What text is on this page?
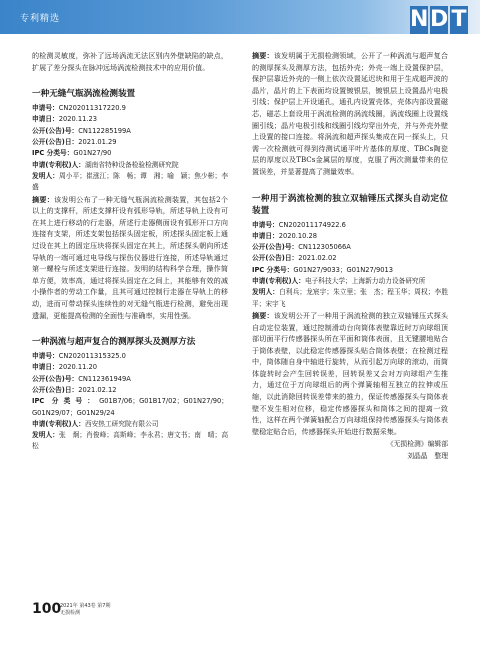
专利精选	N D T

的检测灵敏度，弥补了远场涡流无法区别内外壁缺陷的缺点，扩展了差分探头在脉冲远场涡流检测技术中的应用价值。

一种无缝气瓶涡流检测装置
申请号：CN202011317220.9
申请日：2020.11.23
公开(公告)号：CN112285199A
公开(公告)日：2021.01.29
IPC 分类号：G01N27/90
申请(专利权)人：湖南省特种设备检验检测研究院
发明人：周小平；崔涨江；陈　畅；谭　湘；喻　颖；焦少彬；李　盛

摘要：该发明公布了一种无缝气瓶涡流检测装置，其包括2个以上的支撑杆，所述支撑杆设有弧形导轨，所述导轨上设有可在其上进行移动的行走器，所述行走器侧面设有弧形开口方向连接有支架，所述支架包括探头固定板，所述探头固定板上通过设在其上的固定压块将探头固定在其上，所述探头朝向所述导轨的一端可通过电导线与探伤仪器进行连接，所述导轨通过第一螺栓与所述支架进行连接。发明的结构科学合理，操作简单方便，效率高，通过将探头固定在之间上，其能够有效的减小操作者的劳动工作量，且其可通过控制行走器在导轨上的移动，进而可带动探头连续性的对无缝气瓶进行检测，避免出现遗漏，更能提高检测的全面性与准确率，实用性强。

一种涡流与超声复合的测厚探头及测厚方法
申请号：CN202011315325.0
申请日：2020.11.20
公开(公告)号：CN112361949A
公开(公告)日：2021.02.12
IPC 分类号：G01B7/06；G01B17/02；G01N27/90；G01N29/07；G01N29/24
申请(专利权)人：西安热工研究院有限公司
发明人：张　炯；肖俊峰；高斯峰；李永君；唐文书；南　晴；高　松

摘要：该发明属于无损检测领域，公开了一种涡流与超声复合的测厚探头及测厚方法，包括外壳；外壳一端上设置保护层，保护层靠近外壳的一侧上依次设置延迟块和用于生成超声波的晶片，晶片的上下表面均设置镀银层，镀银层上设置晶片电极引线；保护层上开设通孔，通孔内设置壳体，壳体内部设置磁芯，磁芯上套设用于涡流检测的涡流线圈，涡流线圈上设置线圈引线；晶片电极引线和线圈引线均穿出外壳，并与外壳外壁上设置的接口连接。将涡流和超声探头集成在同一探头上，只需一次检测就可得到待测试通平叶片基体的厚度、TBCs陶瓷层的厚度以及TBCs金属层的厚度，克服了两次测量带来的位置误差，并显著提高了测量效率。

一种用于涡流检测的独立双轴锤压式探头自动定位装置
申请号：CN202011174922.6
申请日：2020.10.28
公开(公告)号：CN112305066A
公开(公告)日：2021.02.02
IPC 分类号：G01N27/9033；G01N27/9013
申请(专利权)人：电子科技大学；上海新力动力设备研究所
发明人：白利兵；龙宸宇；朱立里；张　杰；程玉华；周权；李胜平；宋宇飞

摘要：该发明公开了一种用于涡流检测的独立双轴锤压式探头自动定位装置，通过控制滑动台向筒体表壁靠近时万向球组顶部切面平行传感器探头所在平面和筒体表面，且无键腰地贴合于筒体表壁，以此稳定传感器探头贴合筒体表壁；在检测过程中，筒体随自身中轴进行旋转，从而引起万向球的滚动，而筒体旋转时会产生回转误差，回转误差又会对万向球组产生推力，通过位于万向球组后的两个弹簧轴相互独立的拉伸或压缩，以此消除回转误差带来的推力，保证传感器探头与筒体表壁不发生相对位移，稳定传感器探头和筒体之间的提离一致性，这样在两个弹簧轴配合万向球组保持传感器探头与筒体表壁稳定贴合后，传感器探头开始进行数据采集。

《无损检测》编辑部
刘晶晶　整理
100
2021年 第43卷 第7期
无损检测
